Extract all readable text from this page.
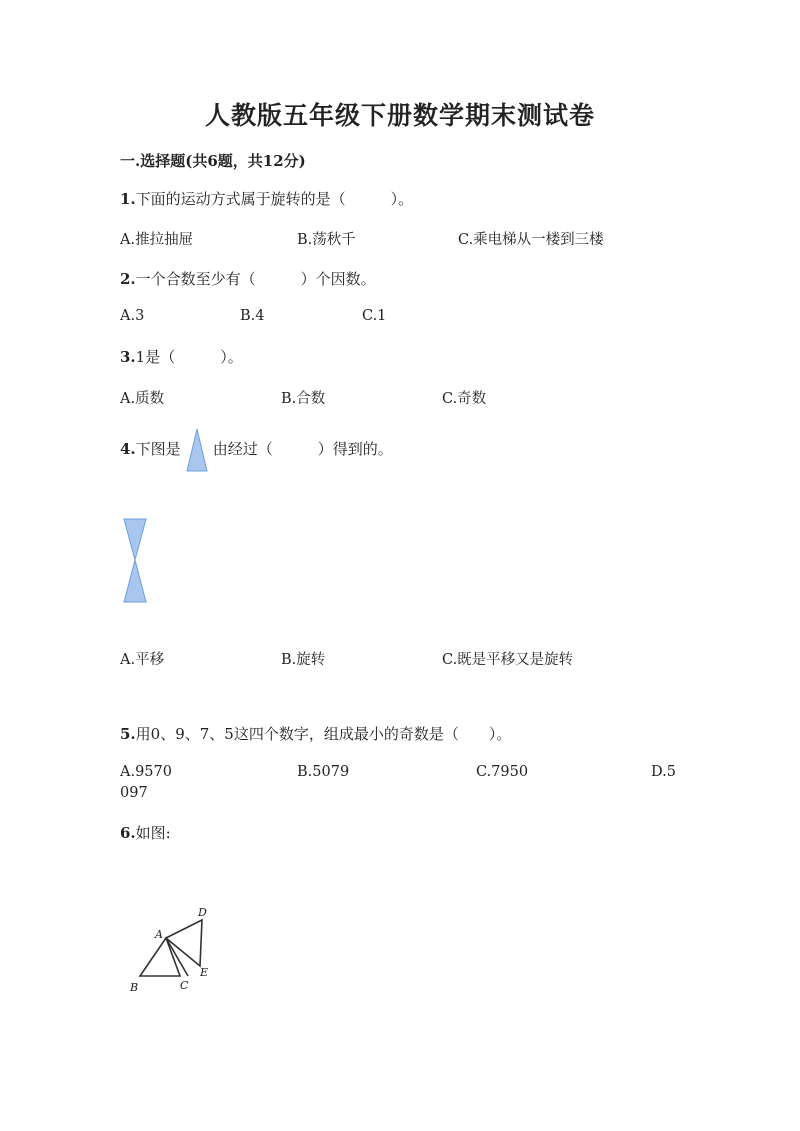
人教版五年级下册数学期末测试卷
一.选择题(共6题，共12分)
1.下面的运动方式属于旋转的是（　　　）。
A.推拉抽屉	B.荡秋千	C.乘电梯从一楼到三楼
2.一个合数至少有（　　　）个因数。
A.3	B.4	C.1
3.1是（　　　）。
A.质数	B.合数	C.奇数
4.下图是 由经过（　　　）得到的。
A.平移	B.旋转	C.既是平移又是旋转
5.用0、9、7、5这四个数字，组成最小的奇数是（　　）。
A.9570	B.5079	C.7950	D.5
097
6.如图:
A
B	C
D
E
